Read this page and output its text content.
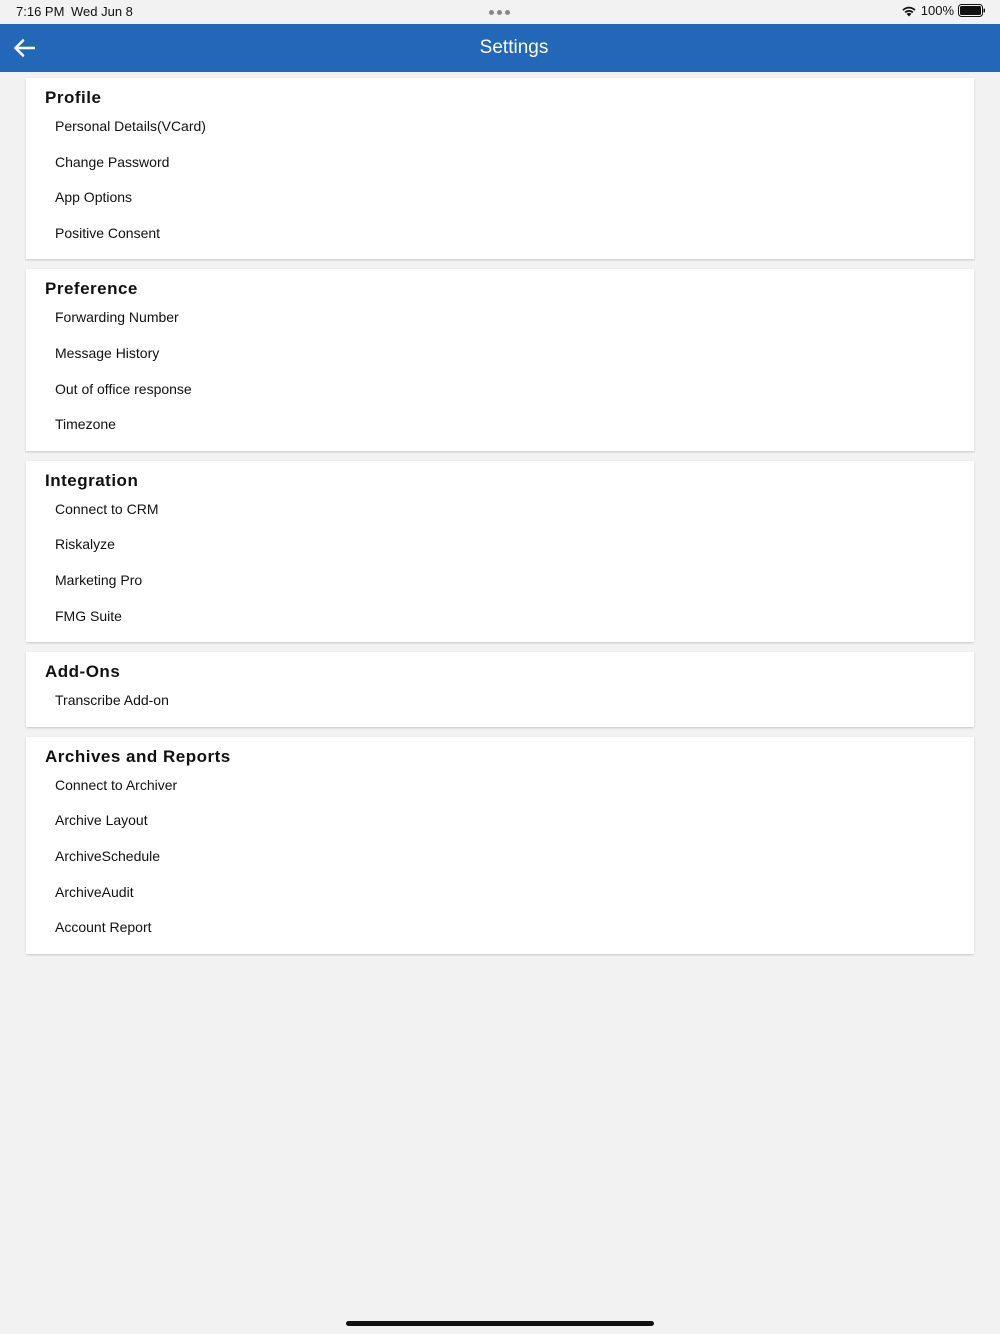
7:16 PM Wed Jun 8	100%
Settings
Profile
Personal Details(VCard)
Change Password
App Options
Positive Consent
Preference
Forwarding Number
Message History
Out of office response
Timezone
Integration
Connect to CRM
Riskalyze
Marketing Pro
FMG Suite
Add-Ons
Transcribe Add-on
Archives and Reports
Connect to Archiver
Archive Layout
ArchiveSchedule
ArchiveAudit
Account Report
